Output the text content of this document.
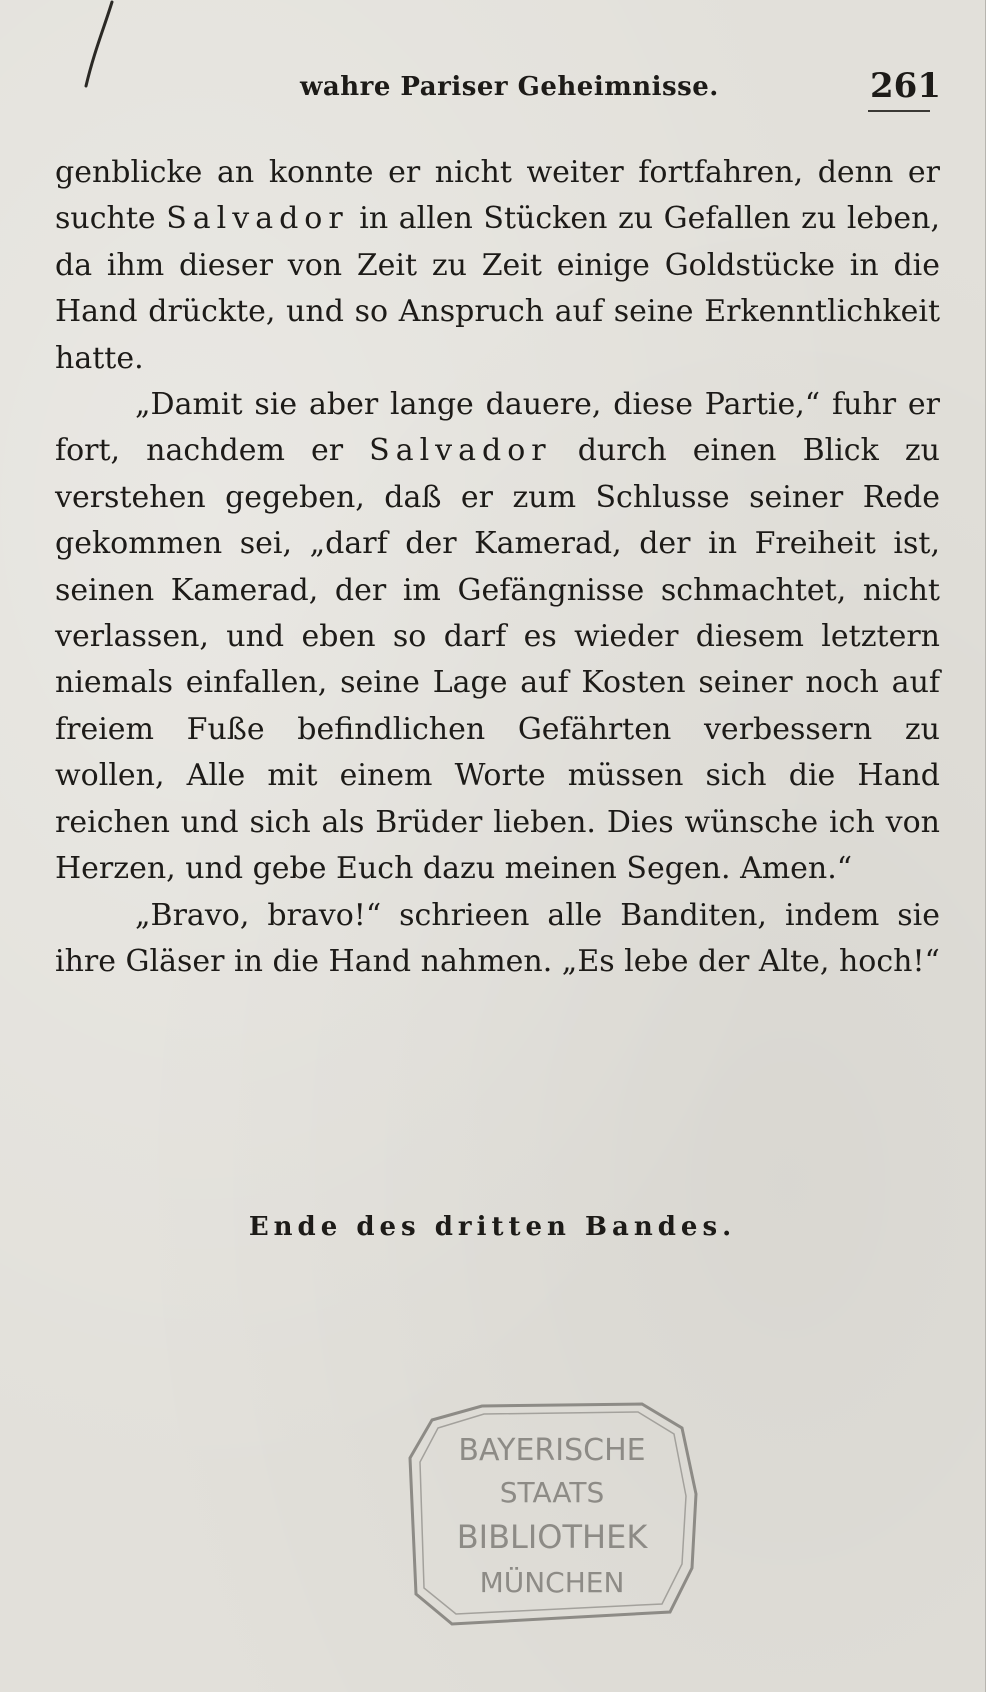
wahre Pariser Geheimnisse.	261

genblicke an konnte er nicht weiter fortfahren, denn er suchte Salvador in allen Stücken zu Gefallen zu leben, da ihm dieser von Zeit zu Zeit einige Goldstücke in die Hand drückte, und so Anspruch auf seine Erkenntlichkeit hatte.

„Damit sie aber lange dauere, diese Partie,“ fuhr er fort, nachdem er Salvador durch einen Blick zu verstehen gegeben, daß er zum Schlusse seiner Rede gekommen sei, „darf der Kamerad, der in Freiheit ist, seinen Kamerad, der im Gefängnisse schmachtet, nicht verlassen, und eben so darf es wieder diesem letztern niemals einfallen, seine Lage auf Kosten seiner noch auf freiem Fuße befindlichen Gefährten verbessern zu wollen, Alle mit einem Worte müssen sich die Hand reichen und sich als Brüder lieben. Dies wünsche ich von Herzen, und gebe Euch dazu meinen Segen. Amen.“

„Bravo, bravo!“ schrieen alle Banditen, indem sie ihre Gläser in die Hand nahmen. „Es lebe der Alte, hoch!“

Ende des dritten Bandes.
BAYERISCHE
STAATS
BIBLIOTHEK
MÜNCHEN
